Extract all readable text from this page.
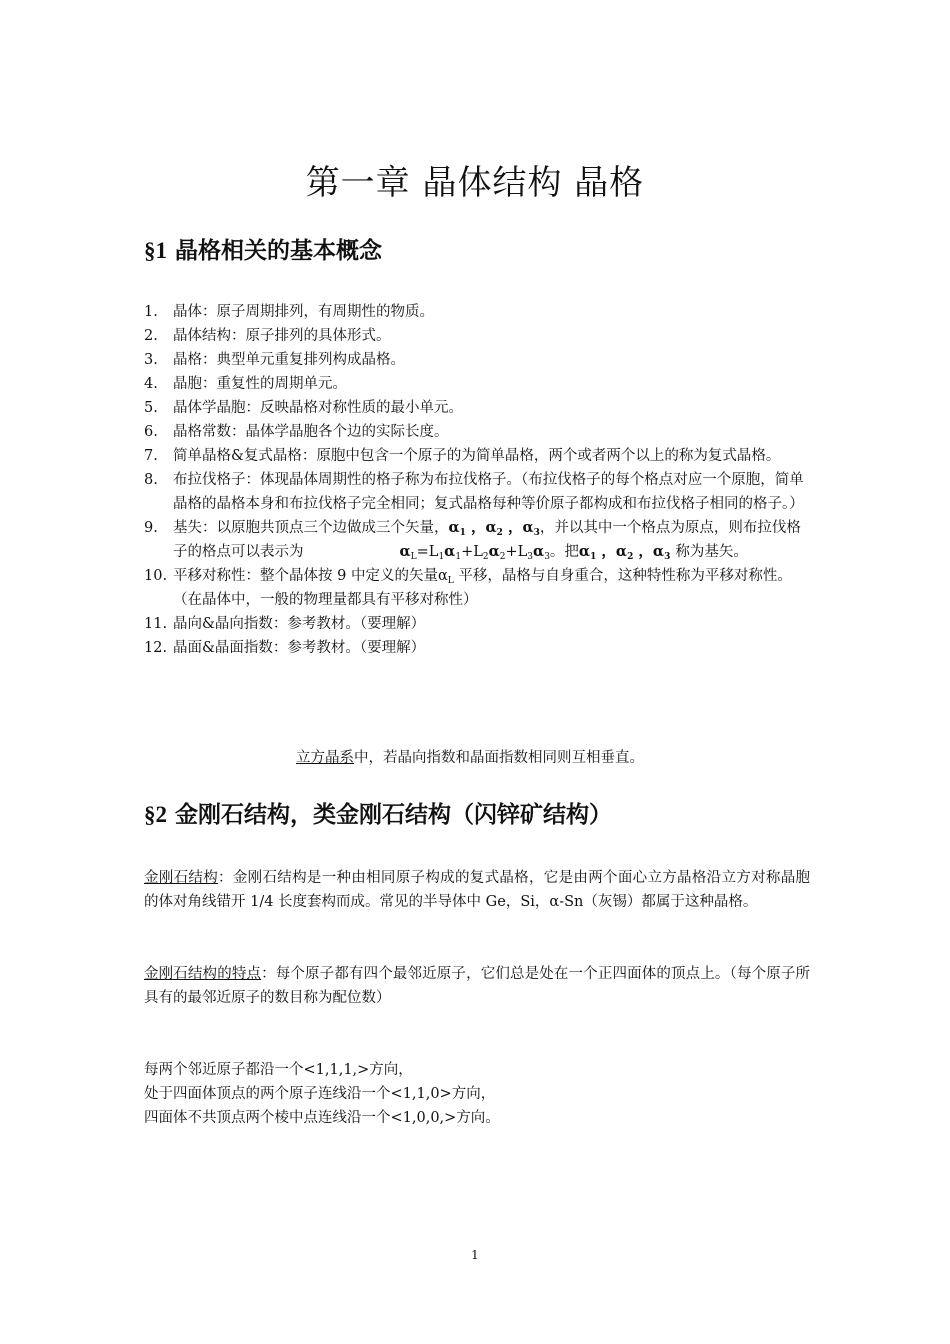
第一章 晶体结构 晶格
§1 晶格相关的基本概念
1. 晶体：原子周期排列，有周期性的物质。
2. 晶体结构：原子排列的具体形式。
3. 晶格：典型单元重复排列构成晶格。
4. 晶胞：重复性的周期单元。
5. 晶体学晶胞：反映晶格对称性质的最小单元。
6. 晶格常数：晶体学晶胞各个边的实际长度。
7. 简单晶格&复式晶格：原胞中包含一个原子的为简单晶格，两个或者两个以上的称为复式晶格。
8. 布拉伐格子：体现晶体周期性的格子称为布拉伐格子。（布拉伐格子的每个格点对应一个原胞，简单晶格的晶格本身和布拉伐格子完全相同；复式晶格每种等价原子都构成和布拉伐格子相同的格子。）
9. 基失：以原胞共顶点三个边做成三个矢量，$\alpha_1$ ，$\alpha_2$ ，$\alpha_3$，并以其中一个格点为原点，则布拉伐格子的格点可以表示为	$\alpha_L=L_1\alpha_1+L_2\alpha_2+L_3\alpha_3$。把$\alpha_1$ ，$\alpha_2$ ，$\alpha_3$ 称为基矢。
10. 平移对称性：整个晶体按 9 中定义的矢量$\alpha_L$ 平移，晶格与自身重合，这种特性称为平移对称性。（在晶体中，一般的物理量都具有平移对称性）
11. 晶向&晶向指数：参考教材。（要理解）
12. 晶面&晶面指数：参考教材。（要理解）
立方晶系中，若晶向指数和晶面指数相同则互相垂直。
§2 金刚石结构，类金刚石结构（闪锌矿结构）
金刚石结构：金刚石结构是一种由相同原子构成的复式晶格，它是由两个面心立方晶格沿立方对称晶胞的体对角线错开 1/4 长度套构而成。常见的半导体中 Ge，Si，α-Sn（灰锡）都属于这种晶格。
金刚石结构的特点：每个原子都有四个最邻近原子，它们总是处在一个正四面体的顶点上。（每个原子所具有的最邻近原子的数目称为配位数）
每两个邻近原子都沿一个<1,1,1,>方向，
处于四面体顶点的两个原子连线沿一个<1,1,0>方向，
四面体不共顶点两个棱中点连线沿一个<1,0,0,>方向。
1
